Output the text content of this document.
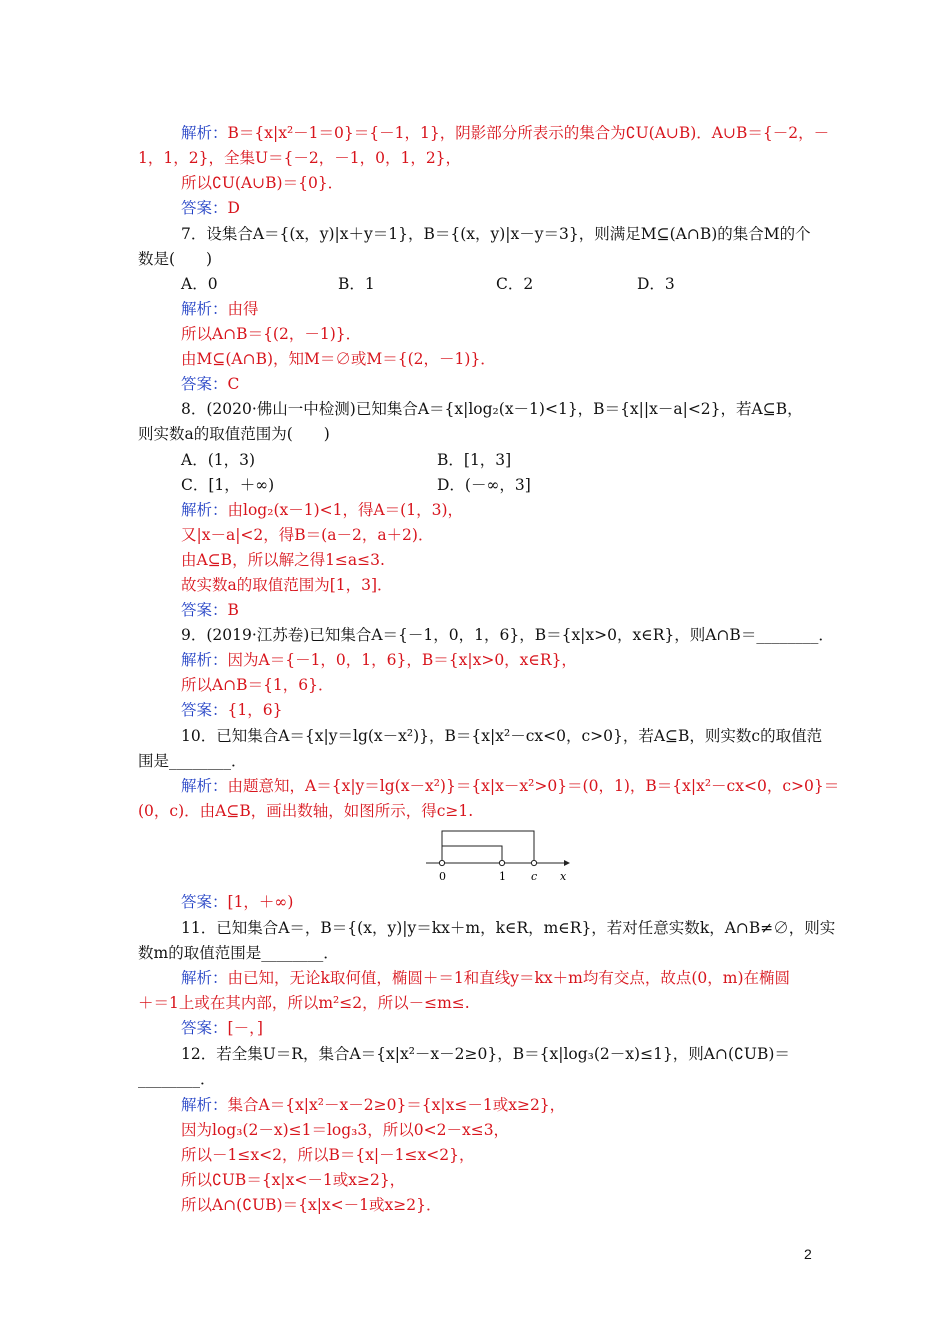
解析：B＝{x|x²－1＝0}＝{－1，1}，阴影部分所表示的集合为∁U(A∪B)．A∪B＝{－2，－
1，1，2}，全集U＝{－2，－1，0，1，2}，
所以∁U(A∪B)＝{0}．
答案：D
7．设集合A＝{(x，y)|x＋y＝1}，B＝{(x，y)|x－y＝3}，则满足M⊆(A∩B)的集合M的个
数是(　　)
A．0	B．1	C．2	D．3
解析：由得
所以A∩B＝{(2，－1)}．
由M⊆(A∩B)，知M＝∅或M＝{(2，－1)}．
答案：C
8．(2020·佛山一中检测)已知集合A＝{x|log₂(x－1)<1}，B＝{x||x－a|<2}，若A⊆B，
则实数a的取值范围为(　　)
A．(1，3)	B．[1，3]
C．[1，＋∞)	D．(－∞，3]
解析：由log₂(x－1)<1，得A＝(1，3)，
又|x－a|<2，得B＝(a－2，a＋2)．
由A⊆B，所以解之得1≤a≤3.
故实数a的取值范围为[1，3]．
答案：B
9．(2019·江苏卷)已知集合A＝{－1，0，1，6}，B＝{x|x>0，x∈R}，则A∩B＝________．
解析：因为A＝{－1，0，1，6}，B＝{x|x>0，x∈R}，
所以A∩B＝{1，6}．
答案：{1，6}
10．已知集合A＝{x|y＝lg(x－x²)}，B＝{x|x²－cx<0，c>0}，若A⊆B，则实数c的取值范
围是________．
解析：由题意知，A＝{x|y＝lg(x－x²)}＝{x|x－x²>0}＝(0，1)，B＝{x|x²－cx<0，c>0}＝
(0，c)．由A⊆B，画出数轴，如图所示，得c≥1.
0	1 c x
答案：[1，＋∞)
11．已知集合A＝，B＝{(x，y)|y＝kx＋m，k∈R，m∈R}，若对任意实数k，A∩B≠∅，则实
数m的取值范围是________．
解析：由已知，无论k取何值，椭圆＋＝1和直线y＝kx＋m均有交点，故点(0，m)在椭圆
＋＝1上或在其内部，所以m²≤2，所以－≤m≤.
答案：[－，]
12．若全集U＝R，集合A＝{x|x²－x－2≥0}，B＝{x|log₃(2－x)≤1}，则A∩(∁UB)＝
________．
解析：集合A＝{x|x²－x－2≥0}＝{x|x≤－1或x≥2}，
因为log₃(2－x)≤1＝log₃3，所以0<2－x≤3，
所以－1≤x<2，所以B＝{x|－1≤x<2}，
所以∁UB＝{x|x<－1或x≥2}，
所以A∩(∁UB)＝{x|x<－1或x≥2}．
2
